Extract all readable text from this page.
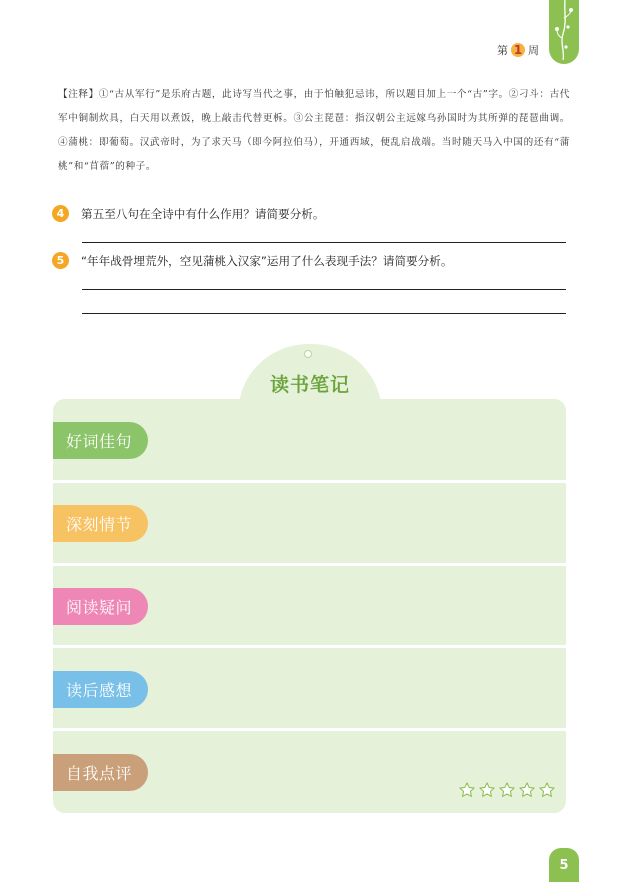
第 1 周

【注释】①“古从军行”是乐府古题，此诗写当代之事，由于怕触犯忌讳，所以题目加上一个“古”字。②刁斗：古代军中铜制炊具，白天用以煮饭，晚上敲击代替更柝。③公主琵琶：指汉朝公主远嫁乌孙国时为其所弹的琵琶曲调。④蒲桃：即葡萄。汉武帝时，为了求天马（即今阿拉伯马），开通西域，便乱启战端。当时随天马入中国的还有“蒲桃”和“苜蓿”的种子。

4	第五至八句在全诗中有什么作用？请简要分析。
5	“年年战骨埋荒外，空见蒲桃入汉家”运用了什么表现手法？请简要分析。
读书笔记
好词佳句
深刻情节
阅读疑问
读后感想
自我点评
5
